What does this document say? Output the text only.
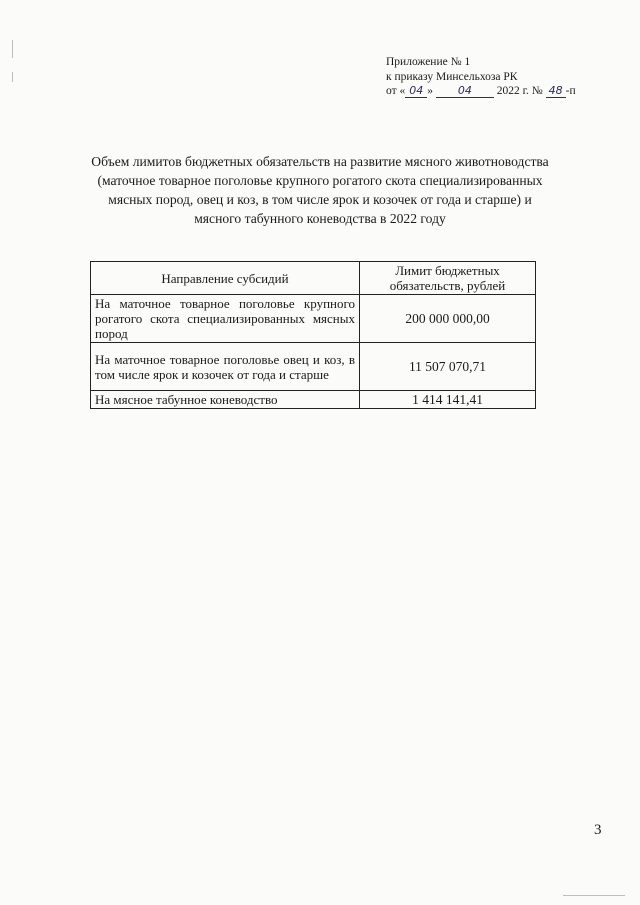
Приложение № 1
к приказу Минсельхоза РК
от « 04 » 04 2022 г. № 48 -п
Объем лимитов бюджетных обязательств на развитие мясного животноводства (маточное товарное поголовье крупного рогатого скота специализированных мясных пород, овец и коз, в том числе ярок и козочек от года и старше) и мясного табунного коневодства в 2022 году
Направление субсидий	Лимит бюджетных обязательств, рублей
На маточное товарное поголовье крупного рогатого скота специализированных мясных пород	200 000 000,00
На маточное товарное поголовье овец и коз, в том числе ярок и козочек от года и старше	11 507 070,71
На мясное табунное коневодство	1 414 141,41
3
